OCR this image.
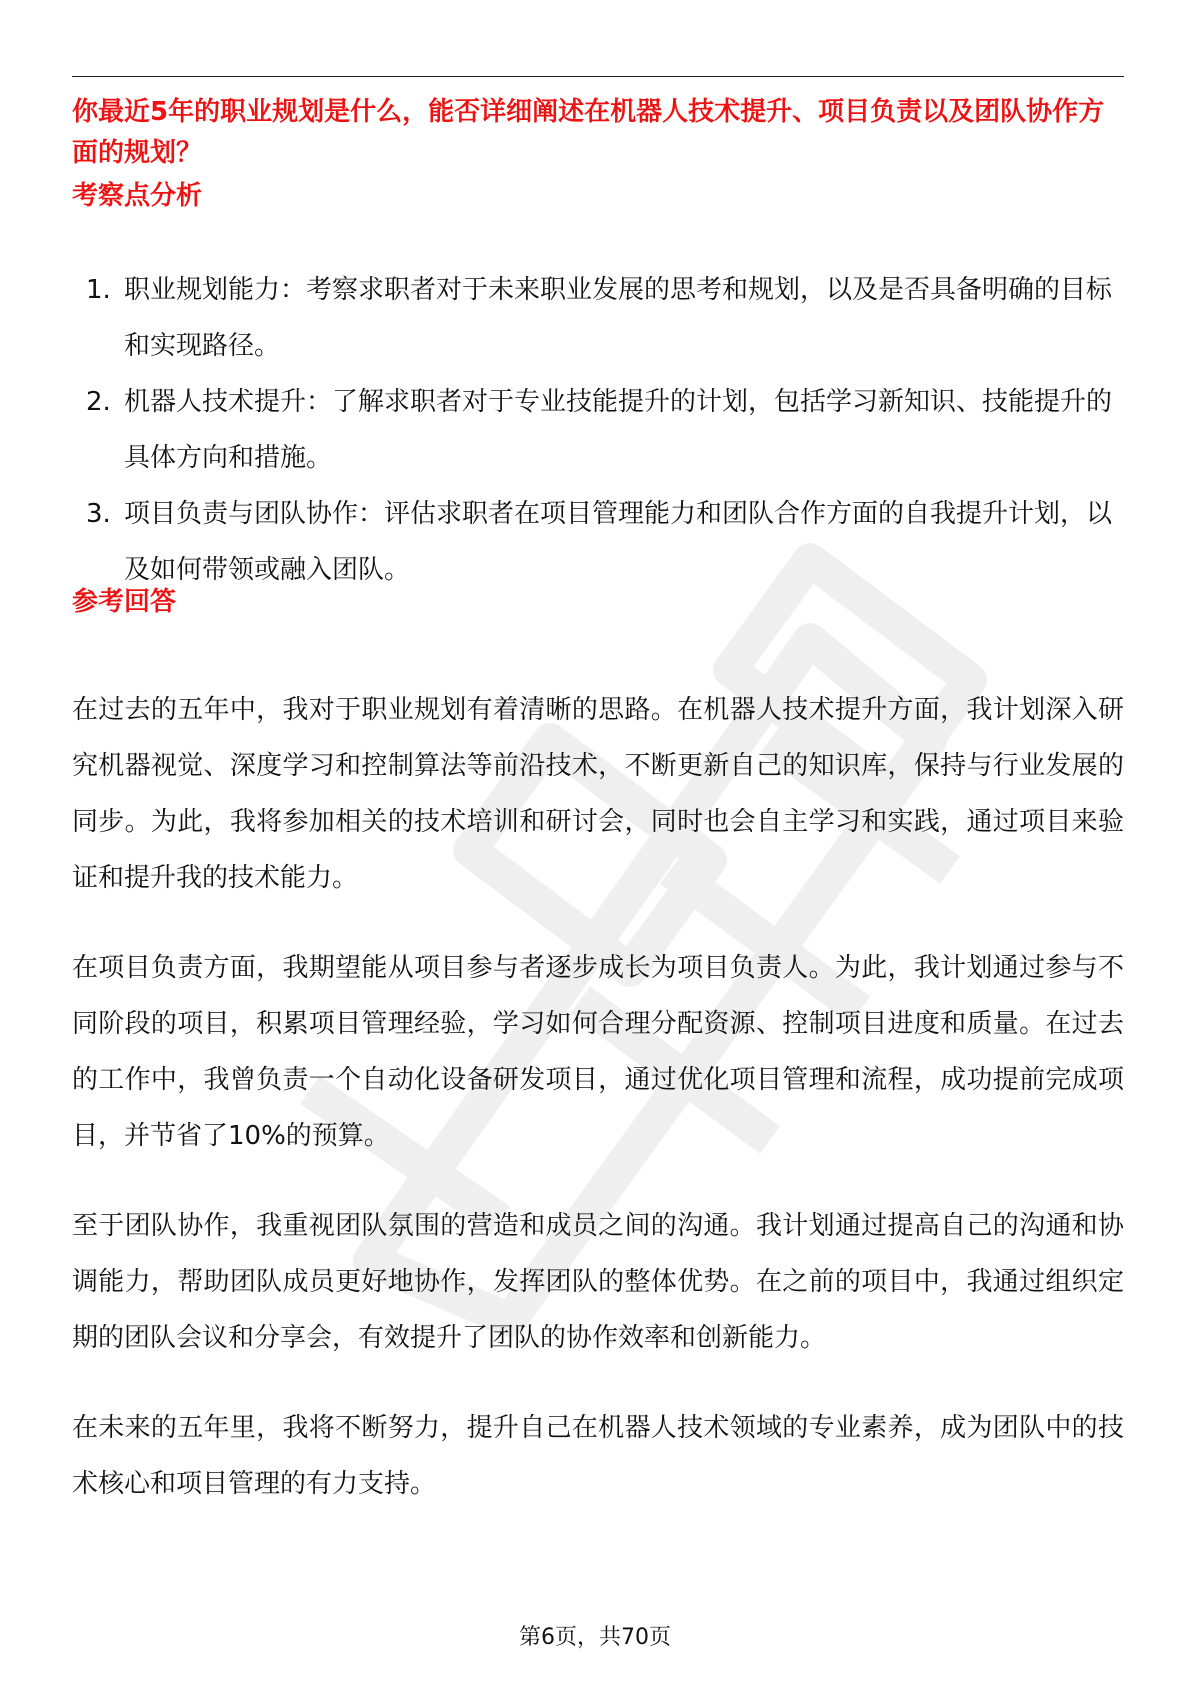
你最近5年的职业规划是什么，能否详细阐述在机器人技术提升、项目负责以及团队协作方面的规划？

考察点分析
1. 职业规划能力：考察求职者对于未来职业发展的思考和规划，以及是否具备明确的目标和实现路径。
2. 机器人技术提升：了解求职者对于专业技能提升的计划，包括学习新知识、技能提升的具体方向和措施。
3. 项目负责与团队协作：评估求职者在项目管理能力和团队合作方面的自我提升计划，以及如何带领或融入团队。
参考回答

在过去的五年中，我对于职业规划有着清晰的思路。在机器人技术提升方面，我计划深入研究机器视觉、深度学习和控制算法等前沿技术，不断更新自己的知识库，保持与行业发展的同步。为此，我将参加相关的技术培训和研讨会，同时也会自主学习和实践，通过项目来验证和提升我的技术能力。

在项目负责方面，我期望能从项目参与者逐步成长为项目负责人。为此，我计划通过参与不同阶段的项目，积累项目管理经验，学习如何合理分配资源、控制项目进度和质量。在过去的工作中，我曾负责一个自动化设备研发项目，通过优化项目管理和流程，成功提前完成项目，并节省了10%的预算。

至于团队协作，我重视团队氛围的营造和成员之间的沟通。我计划通过提高自己的沟通和协调能力，帮助团队成员更好地协作，发挥团队的整体优势。在之前的项目中，我通过组织定期的团队会议和分享会，有效提升了团队的协作效率和创新能力。

在未来的五年里，我将不断努力，提升自己在机器人技术领域的专业素养，成为团队中的技术核心和项目管理的有力支持。

第6页，共70页
